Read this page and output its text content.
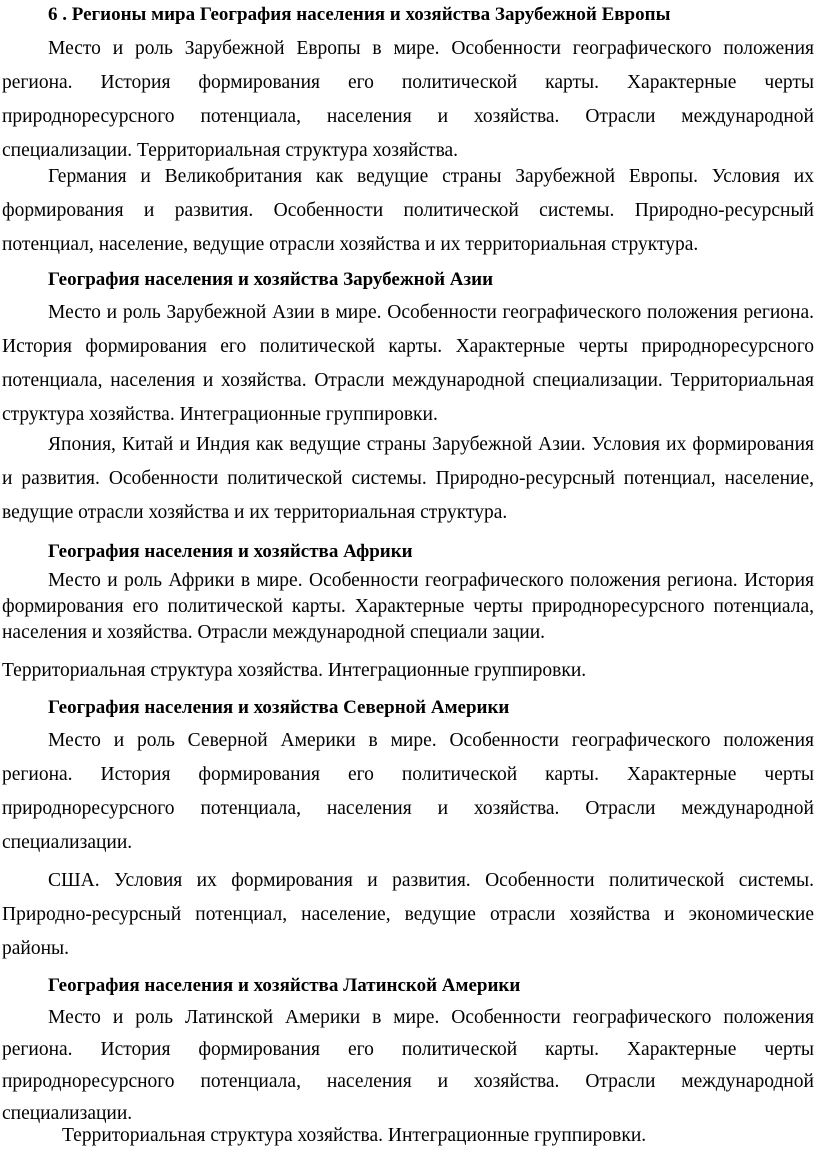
6 . Регионы мира География населения и хозяйства Зарубежной Европы

Место и роль Зарубежной Европы в мире. Особенности географического положения региона. История формирования его политической карты. Характерные черты природноресурсного потенциала, населения и хозяйства. Отрасли международной специализации. Территориальная структура хозяйства.

Германия и Великобритания как ведущие страны Зарубежной Европы. Условия их формирования и развития. Особенности политической системы. Природно-ресурсный потенциал, население, ведущие отрасли хозяйства и их территориальная структура.

География населения и хозяйства Зарубежной Азии

Место и роль Зарубежной Азии в мире. Особенности географического положения региона. История формирования его политической карты. Характерные черты природноресурсного потенциала, населения и хозяйства. Отрасли международной специализации. Территориальная структура хозяйства. Интеграционные группировки.

Япония, Китай и Индия как ведущие страны Зарубежной Азии. Условия их формирования и развития. Особенности политической системы. Природно-ресурсный потенциал, население, ведущие отрасли хозяйства и их территориальная структура.

География населения и хозяйства Африки

Место и роль Африки в мире. Особенности географического положения региона. История формирования его политической карты. Характерные черты природноресурсного потенциала, населения и хозяйства. Отрасли международной специали зации.

Территориальная структура хозяйства. Интеграционные группировки.

География населения и хозяйства Северной Америки

Место и роль Северной Америки в мире. Особенности географического положения региона. История формирования его политической карты. Характерные черты природноресурсного потенциала, населения и хозяйства. Отрасли международной специализации.

США. Условия их формирования и развития. Особенности политической системы. Природно-ресурсный потенциал, население, ведущие отрасли хозяйства и экономические районы.

География населения и хозяйства Латинской Америки

Место и роль Латинской Америки в мире. Особенности географического положения региона. История формирования его политической карты. Характерные черты природноресурсного потенциала, населения и хозяйства. Отрасли международной специализации.

Территориальная структура хозяйства. Интеграционные группировки.
